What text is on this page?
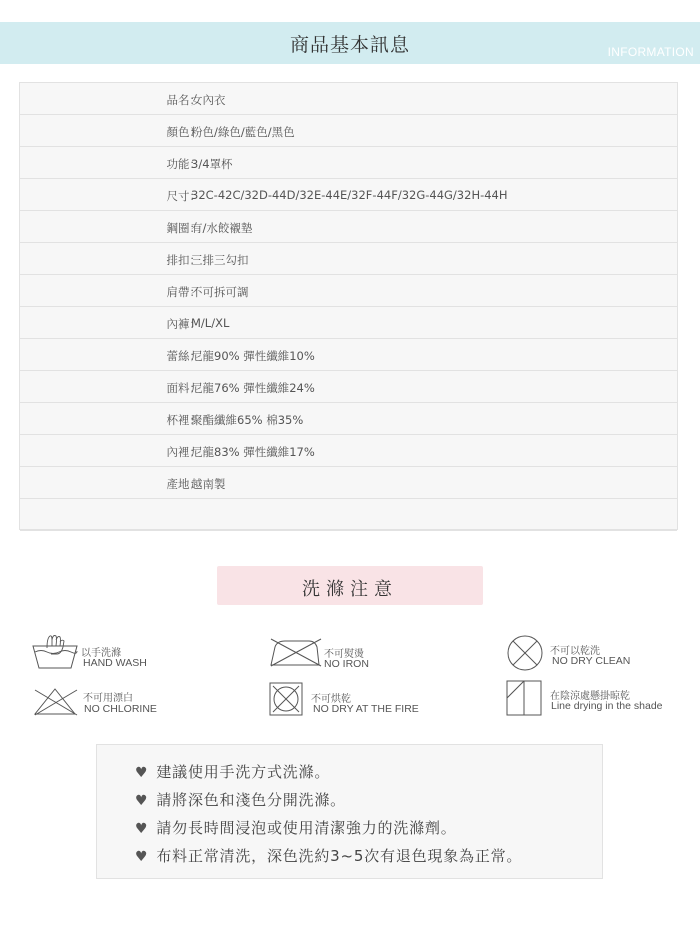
商品基本訊息	INFORMATION
品名：
女內衣
顏色：
粉色/綠色/藍色/黑色
功能：
3/4罩杯
尺寸：
32C-42C/32D-44D/32E-44E/32F-44F/32G-44G/32H-44H
鋼圈：
有/水餃襯墊
排扣：
三排三勾扣
肩帶：
不可拆可調
內褲：
M/L/XL
蕾絲：
尼龍90% 彈性纖維10%
面料：
尼龍76% 彈性纖維24%
杯裡：
聚酯纖維65% 棉35%
內裡：
尼龍83% 彈性纖維17%
產地：
越南製
洗滌注意
以手洗滌
HAND WASH
不可熨燙
NO IRON
不可以乾洗
NO DRY CLEAN
不可用漂白
NO CHLORINE
不可烘乾
NO DRY AT THE FIRE
在陰涼處懸掛晾乾
Line drying in the shade
♥ 建議使用手洗方式洗滌。
♥ 請將深色和淺色分開洗滌。
♥ 請勿長時間浸泡或使用清潔強力的洗滌劑。
♥ 布料正常清洗，深色洗約3~5次有退色現象為正常。
